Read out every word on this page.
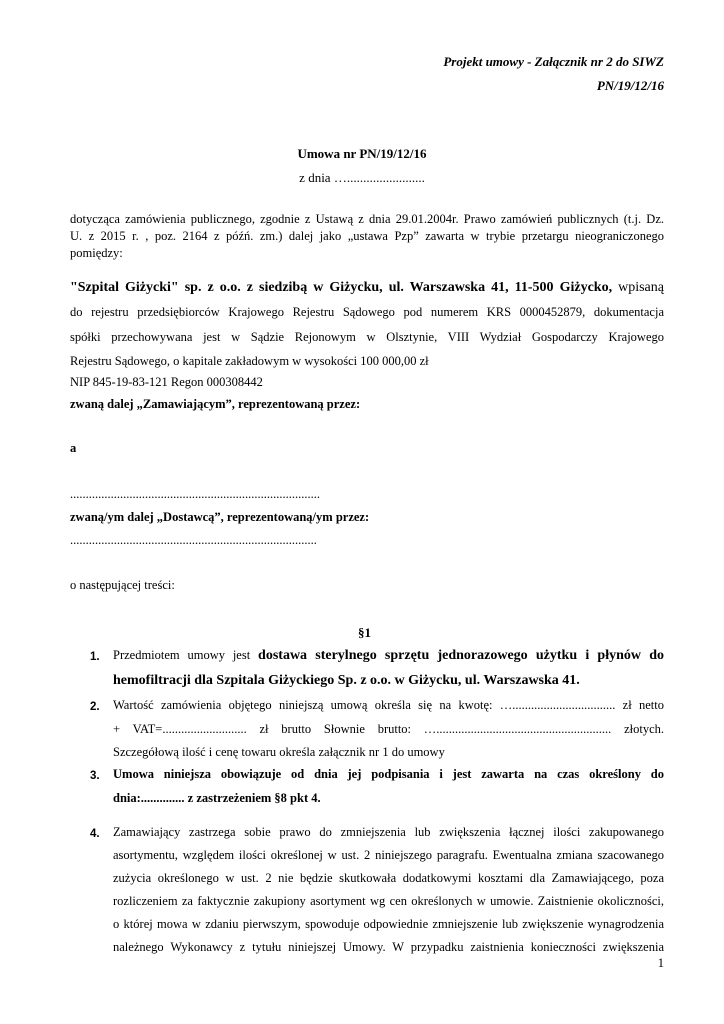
Projekt umowy - Załącznik nr 2 do SIWZ
PN/19/12/16
Umowa nr PN/19/12/16
z dnia …........................
dotycząca zamówienia publicznego, zgodnie z Ustawą z dnia 29.01.2004r. Prawo zamówień publicznych (t.j. Dz.
U. z 2015 r. , poz. 2164 z późń. zm.) dalej jako „ustawa Pzp” zawarta w trybie przetargu nieograniczonego
pomiędzy:
"Szpital Giżycki" sp. z o.o. z siedzibą w Giżycku, ul. Warszawska 41, 11-500 Giżycko, wpisaną
do rejestru przedsiębiorców Krajowego Rejestru Sądowego pod numerem KRS 0000452879, dokumentacja
spółki przechowywana jest w Sądzie Rejonowym w Olsztynie, VIII Wydział Gospodarczy Krajowego
Rejestru Sądowego, o kapitale zakładowym w wysokości 100 000,00 zł
NIP 845-19-83-121 Regon 000308442
zwaną dalej „Zamawiającym”, reprezentowaną przez:
a
................................................................................
zwaną/ym dalej „Dostawcą”, reprezentowaną/ym przez:
...............................................................................
o następującej treści:
§1
1. Przedmiotem umowy jest dostawa sterylnego sprzętu jednorazowego użytku i płynów do
hemofiltracji dla Szpitala Giżyckiego Sp. z o.o. w Giżycku, ul. Warszawska 41.
2. Wartość zamówienia objętego niniejszą umową określa się na kwotę: …................................. zł netto
+ VAT=........................... zł brutto Słownie brutto: …........................................................ złotych.
Szczegółową ilość i cenę towaru określa załącznik nr 1 do umowy
3. Umowa niniejsza obowiązuje od dnia jej podpisania i jest zawarta na czas określony do
dnia:.............. z zastrzeżeniem §8 pkt 4.
4. Zamawiający zastrzega sobie prawo do zmniejszenia lub zwiększenia łącznej ilości zakupowanego
asortymentu, względem ilości określonej w ust. 2 niniejszego paragrafu. Ewentualna zmiana szacowanego
zużycia określonego w ust. 2 nie będzie skutkowała dodatkowymi kosztami dla Zamawiającego, poza
rozliczeniem za faktycznie zakupiony asortyment wg cen określonych w umowie. Zaistnienie okoliczności,
o której mowa w zdaniu pierwszym, spowoduje odpowiednie zmniejszenie lub zwiększenie wynagrodzenia
należnego Wykonawcy z tytułu niniejszej Umowy. W przypadku zaistnienia konieczności zwiększenia
1
